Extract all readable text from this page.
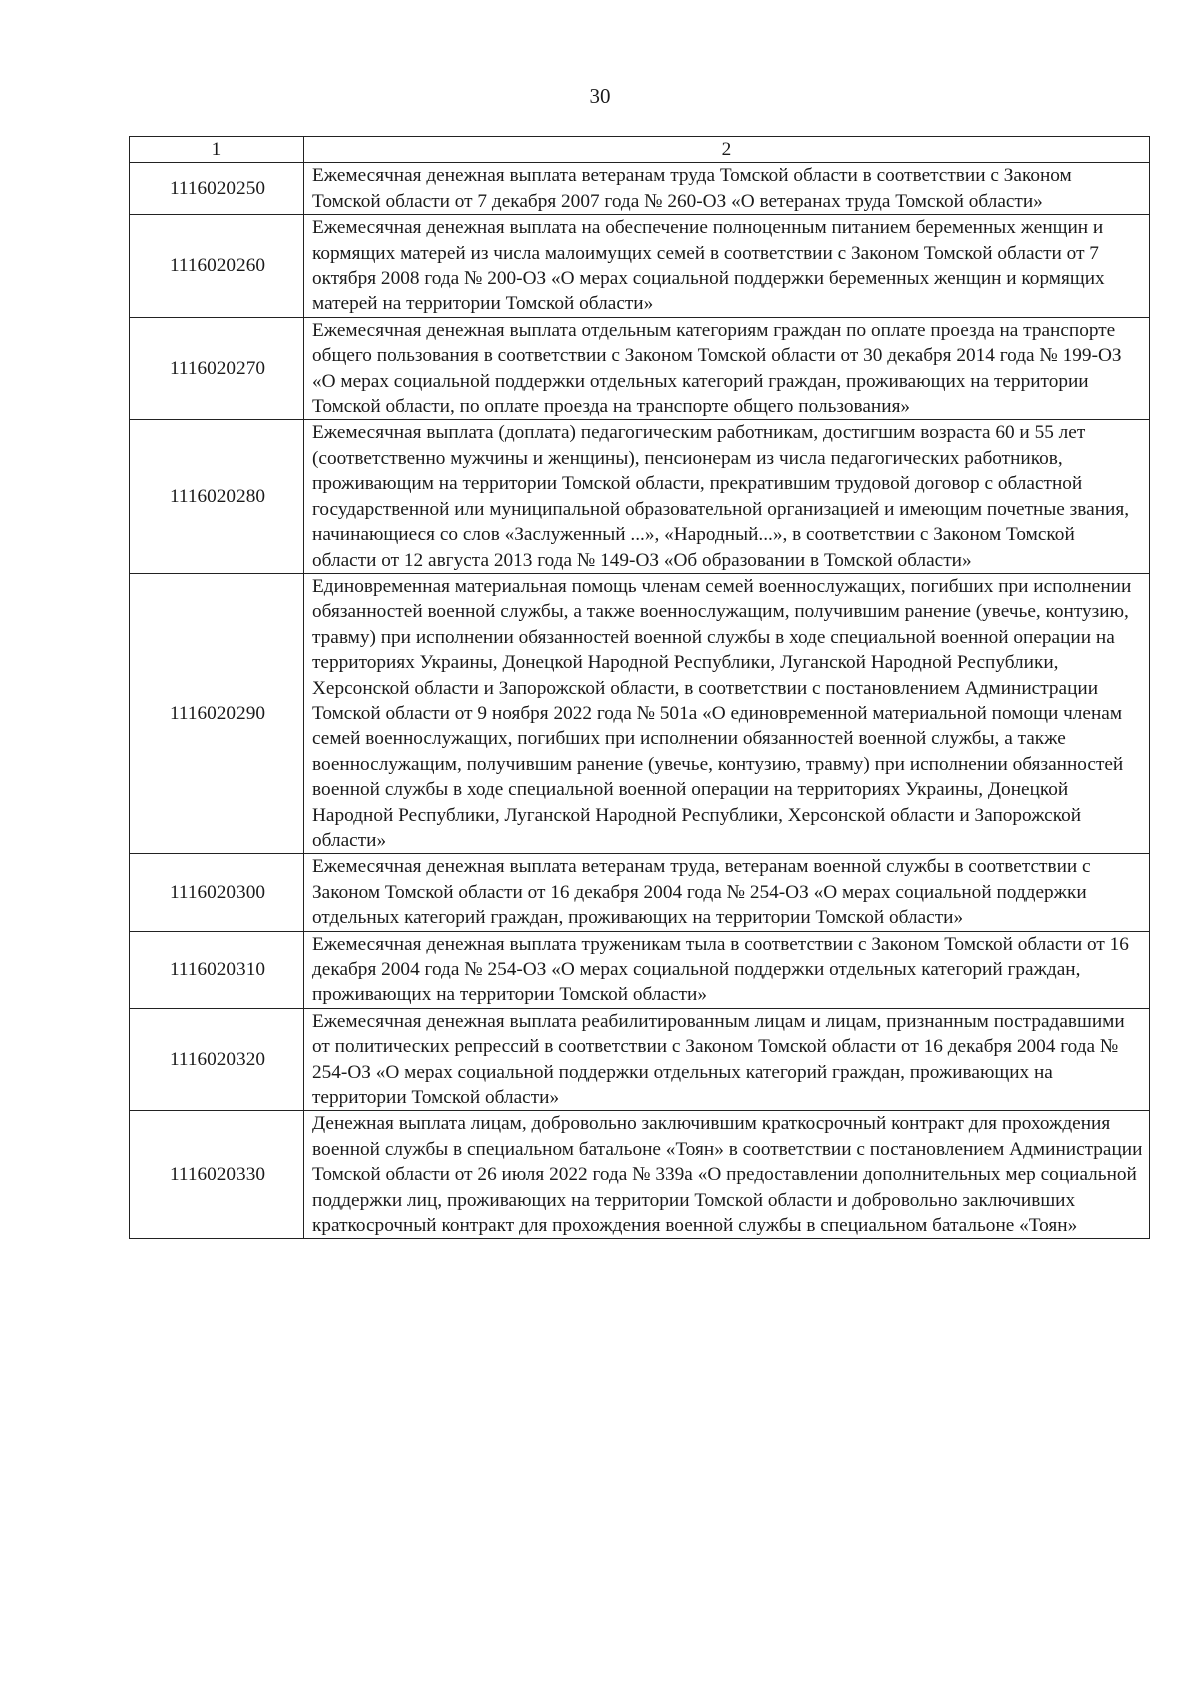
30
1	2
1116020250	Ежемесячная денежная выплата ветеранам труда Томской области в соответствии с Законом Томской области от 7 декабря 2007 года № 260-ОЗ «О ветеранах труда Томской области»
1116020260	Ежемесячная денежная выплата на обеспечение полноценным питанием беременных женщин и кормящих матерей из числа малоимущих семей в соответствии с Законом Томской области от 7 октября 2008 года № 200-ОЗ «О мерах социальной поддержки беременных женщин и кормящих матерей на территории Томской области»
1116020270	Ежемесячная денежная выплата отдельным категориям граждан по оплате проезда на транспорте общего пользования в соответствии с Законом Томской области от 30 декабря 2014 года № 199-ОЗ «О мерах социальной поддержки отдельных категорий граждан, проживающих на территории Томской области, по оплате проезда на транспорте общего пользования»
1116020280	Ежемесячная выплата (доплата) педагогическим работникам, достигшим возраста 60 и 55 лет (соответственно мужчины и женщины), пенсионерам из числа педагогических работников, проживающим на территории Томской области, прекратившим трудовой договор с областной государственной или муниципальной образовательной организацией и имеющим почетные звания, начинающиеся со слов «Заслуженный ...», «Народный...», в соответствии с Законом Томской области от 12 августа 2013 года № 149-ОЗ «Об образовании в Томской области»
1116020290	Единовременная материальная помощь членам семей военнослужащих, погибших при исполнении обязанностей военной службы, а также военнослужащим, получившим ранение (увечье, контузию, травму) при исполнении обязанностей военной службы в ходе специальной военной операции на территориях Украины, Донецкой Народной Республики, Луганской Народной Республики, Херсонской области и Запорожской области, в соответствии с постановлением Администрации Томской области от 9 ноября 2022 года № 501а «О единовременной материальной помощи членам семей военнослужащих, погибших при исполнении обязанностей военной службы, а также военнослужащим, получившим ранение (увечье, контузию, травму) при исполнении обязанностей военной службы в ходе специальной военной операции на территориях Украины, Донецкой Народной Республики, Луганской Народной Республики, Херсонской области и Запорожской области»
1116020300	Ежемесячная денежная выплата ветеранам труда, ветеранам военной службы в соответствии с Законом Томской области от 16 декабря 2004 года № 254-ОЗ «О мерах социальной поддержки отдельных категорий граждан, проживающих на территории Томской области»
1116020310	Ежемесячная денежная выплата труженикам тыла в соответствии с Законом Томской области от 16 декабря 2004 года № 254-ОЗ «О мерах социальной поддержки отдельных категорий граждан, проживающих на территории Томской области»
1116020320	Ежемесячная денежная выплата реабилитированным лицам и лицам, признанным пострадавшими от политических репрессий в соответствии с Законом Томской области от 16 декабря 2004 года № 254-ОЗ «О мерах социальной поддержки отдельных категорий граждан, проживающих на территории Томской области»
1116020330	Денежная выплата лицам, добровольно заключившим краткосрочный контракт для прохождения военной службы в специальном батальоне «Тоян» в соответствии с постановлением Администрации Томской области от 26 июля 2022 года № 339а «О предоставлении дополнительных мер социальной поддержки лиц, проживающих на территории Томской области и добровольно заключивших краткосрочный контракт для прохождения военной службы в специальном батальоне «Тоян»
